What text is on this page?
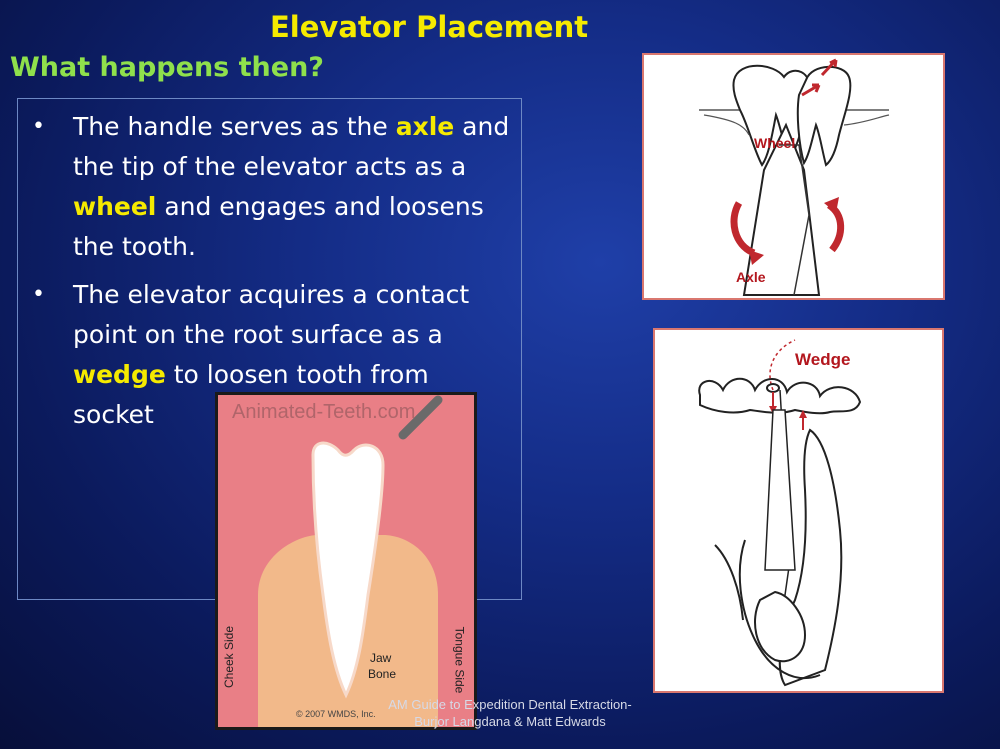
Elevator Placement
What happens then?
• The handle serves as the axle and the tip of the elevator acts as a wheel and engages and loosens the tooth.
• The elevator acquires a contact point on the root surface as a wedge to loosen tooth from socket
Wheel
Axle
Wedge
Animated-Teeth.com
Cheek Side	Tongue Side
Jaw
Bone
© 2007 WMDS, Inc.
AM Guide to Expedition Dental Extraction-
Burjor Langdana & Matt Edwards
